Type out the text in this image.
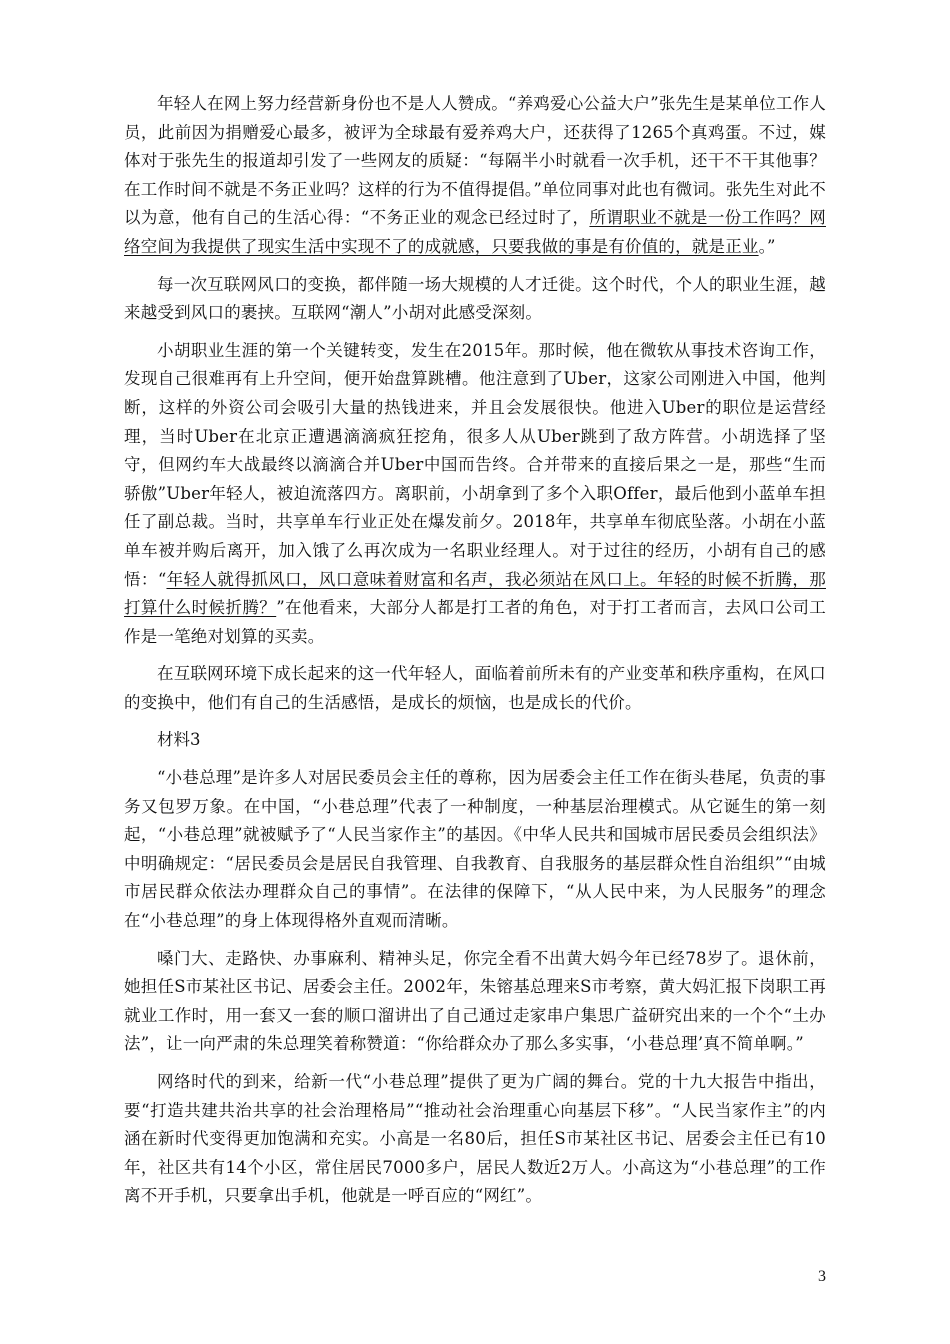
年轻人在网上努力经营新身份也不是人人赞成。“养鸡爱心公益大户”张先生是某单位工作人员，此前因为捐赠爱心最多，被评为全球最有爱养鸡大户，还获得了1265个真鸡蛋。不过，媒体对于张先生的报道却引发了一些网友的质疑：“每隔半小时就看一次手机，还干不干其他事？在工作时间不就是不务正业吗？这样的行为不值得提倡。”单位同事对此也有微词。张先生对此不以为意，他有自己的生活心得：“不务正业的观念已经过时了，所谓职业不就是一份工作吗？网络空间为我提供了现实生活中实现不了的成就感，只要我做的事是有价值的，就是正业。”

每一次互联网风口的变换，都伴随一场大规模的人才迁徙。这个时代，个人的职业生涯，越来越受到风口的裹挟。互联网“潮人”小胡对此感受深刻。

小胡职业生涯的第一个关键转变，发生在2015年。那时候，他在微软从事技术咨询工作，发现自己很难再有上升空间，便开始盘算跳槽。他注意到了Uber，这家公司刚进入中国，他判断，这样的外资公司会吸引大量的热钱进来，并且会发展很快。他进入Uber的职位是运营经理，当时Uber在北京正遭遇滴滴疯狂挖角，很多人从Uber跳到了敌方阵营。小胡选择了坚守，但网约车大战最终以滴滴合并Uber中国而告终。合并带来的直接后果之一是，那些“生而骄傲”Uber年轻人，被迫流落四方。离职前，小胡拿到了多个入职Offer，最后他到小蓝单车担任了副总裁。当时，共享单车行业正处在爆发前夕。2018年，共享单车彻底坠落。小胡在小蓝单车被并购后离开，加入饿了么再次成为一名职业经理人。对于过往的经历，小胡有自己的感悟：“年轻人就得抓风口，风口意味着财富和名声，我必须站在风口上。年轻的时候不折腾，那打算什么时候折腾？”在他看来，大部分人都是打工者的角色，对于打工者而言，去风口公司工作是一笔绝对划算的买卖。

在互联网环境下成长起来的这一代年轻人，面临着前所未有的产业变革和秩序重构，在风口的变换中，他们有自己的生活感悟，是成长的烦恼，也是成长的代价。

材料3

“小巷总理”是许多人对居民委员会主任的尊称，因为居委会主任工作在街头巷尾，负责的事务又包罗万象。在中国，“小巷总理”代表了一种制度，一种基层治理模式。从它诞生的第一刻起，“小巷总理”就被赋予了“人民当家作主”的基因。《中华人民共和国城市居民委员会组织法》中明确规定：“居民委员会是居民自我管理、自我教育、自我服务的基层群众性自治组织”“由城市居民群众依法办理群众自己的事情”。在法律的保障下，“从人民中来，为人民服务”的理念在“小巷总理”的身上体现得格外直观而清晰。

嗓门大、走路快、办事麻利、精神头足，你完全看不出黄大妈今年已经78岁了。退休前，她担任S市某社区书记、居委会主任。2002年，朱镕基总理来S市考察，黄大妈汇报下岗职工再就业工作时，用一套又一套的顺口溜讲出了自己通过走家串户集思广益研究出来的一个个“土办法”，让一向严肃的朱总理笑着称赞道：“你给群众办了那么多实事，‘小巷总理’真不简单啊。”

网络时代的到来，给新一代“小巷总理”提供了更为广阔的舞台。党的十九大报告中指出，要“打造共建共治共享的社会治理格局”“推动社会治理重心向基层下移”。“人民当家作主”的内涵在新时代变得更加饱满和充实。小高是一名80后，担任S市某社区书记、居委会主任已有10年，社区共有14个小区，常住居民7000多户，居民人数近2万人。小高这为“小巷总理”的工作离不开手机，只要拿出手机，他就是一呼百应的“网红”。

3
